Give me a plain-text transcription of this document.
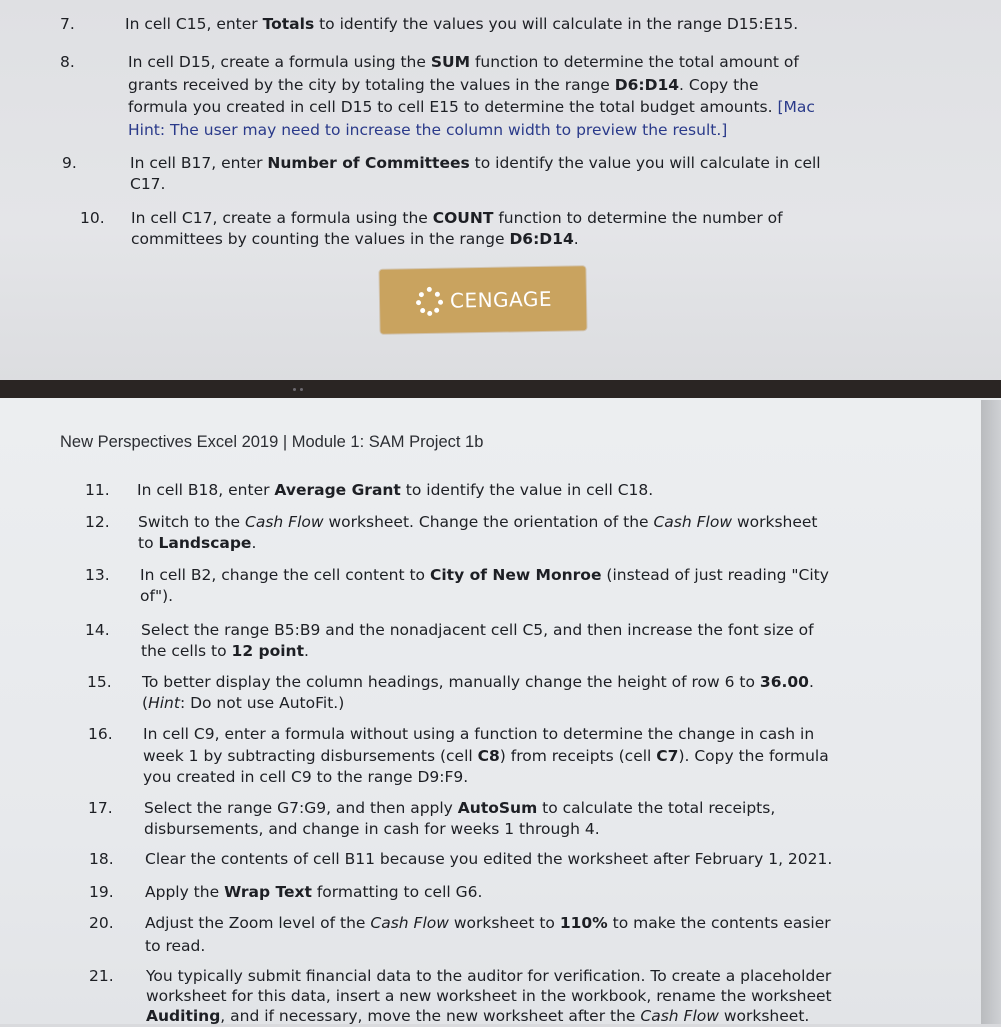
CENGAGE
New Perspectives Excel 2019 | Module 1: SAM Project 1b
7.	In cell C15, enter Totals to identify the values you will calculate in the range D15:E15.
8.	In cell D15, create a formula using the SUM function to determine the total amount of
grants received by the city by totaling the values in the range D6:D14. Copy the
formula you created in cell D15 to cell E15 to determine the total budget amounts. [Mac
Hint: The user may need to increase the column width to preview the result.]
9.	In cell B17, enter Number of Committees to identify the value you will calculate in cell
C17.
10. In cell C17, create a formula using the COUNT function to determine the number of
committees by counting the values in the range D6:D14.
11. In cell B18, enter Average Grant to identify the value in cell C18.
12. Switch to the Cash Flow worksheet. Change the orientation of the Cash Flow worksheet
to Landscape.
13. In cell B2, change the cell content to City of New Monroe (instead of just reading "City
of").
14. Select the range B5:B9 and the nonadjacent cell C5, and then increase the font size of
the cells to 12 point.
15. To better display the column headings, manually change the height of row 6 to 36.00.
(Hint: Do not use AutoFit.)
16. In cell C9, enter a formula without using a function to determine the change in cash in
week 1 by subtracting disbursements (cell C8) from receipts (cell C7). Copy the formula
you created in cell C9 to the range D9:F9.
17. Select the range G7:G9, and then apply AutoSum to calculate the total receipts,
disbursements, and change in cash for weeks 1 through 4.
18. Clear the contents of cell B11 because you edited the worksheet after February 1, 2021.
19. Apply the Wrap Text formatting to cell G6.
20. Adjust the Zoom level of the Cash Flow worksheet to 110% to make the contents easier
to read.
21. You typically submit financial data to the auditor for verification. To create a placeholder
worksheet for this data, insert a new worksheet in the workbook, rename the worksheet
Auditing, and if necessary, move the new worksheet after the Cash Flow worksheet.
